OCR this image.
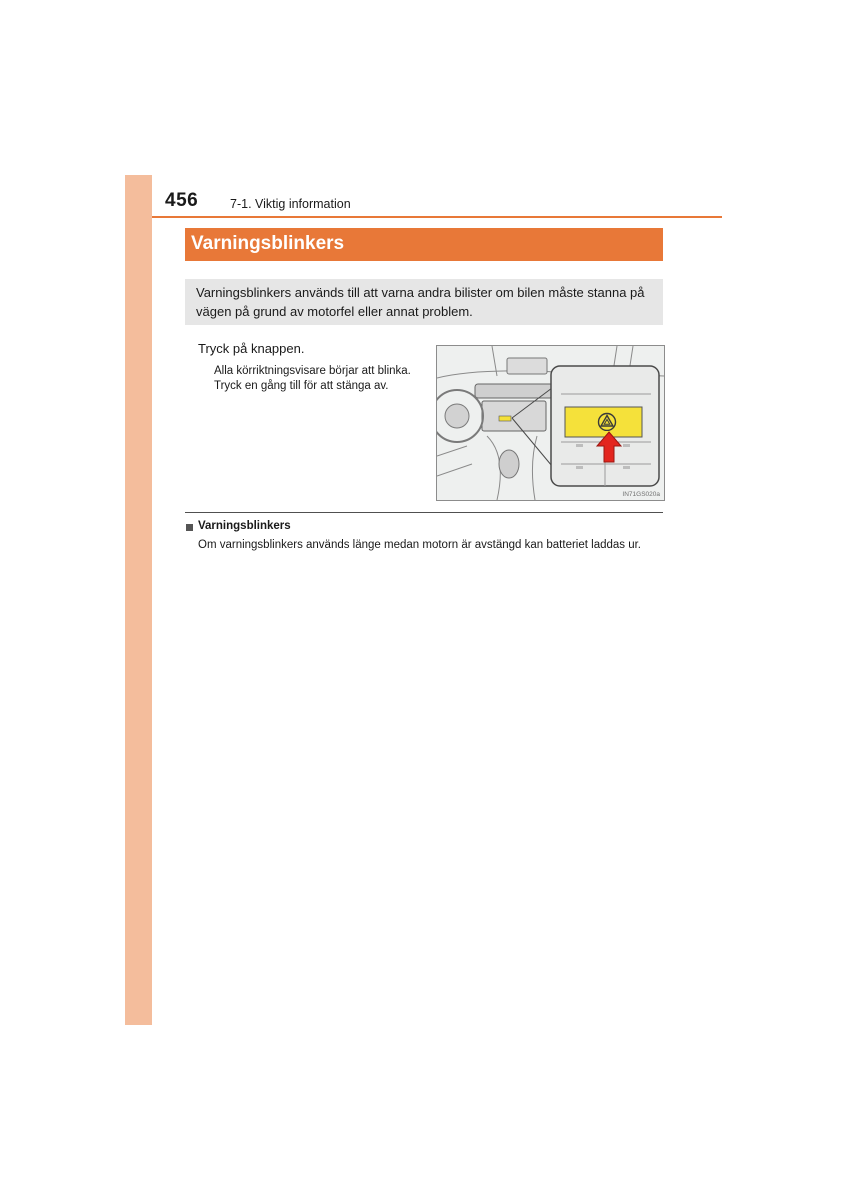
456	7-1. Viktig information
Varningsblinkers
Varningsblinkers används till att varna andra bilister om bilen måste stanna på vägen på grund av motorfel eller annat problem.
Tryck på knappen.
Alla körriktningsvisare börjar att blinka.
Tryck en gång till för att stänga av.
IN71GS020a
Varningsblinkers
Om varningsblinkers används länge medan motorn är avstängd kan batteriet laddas ur.
